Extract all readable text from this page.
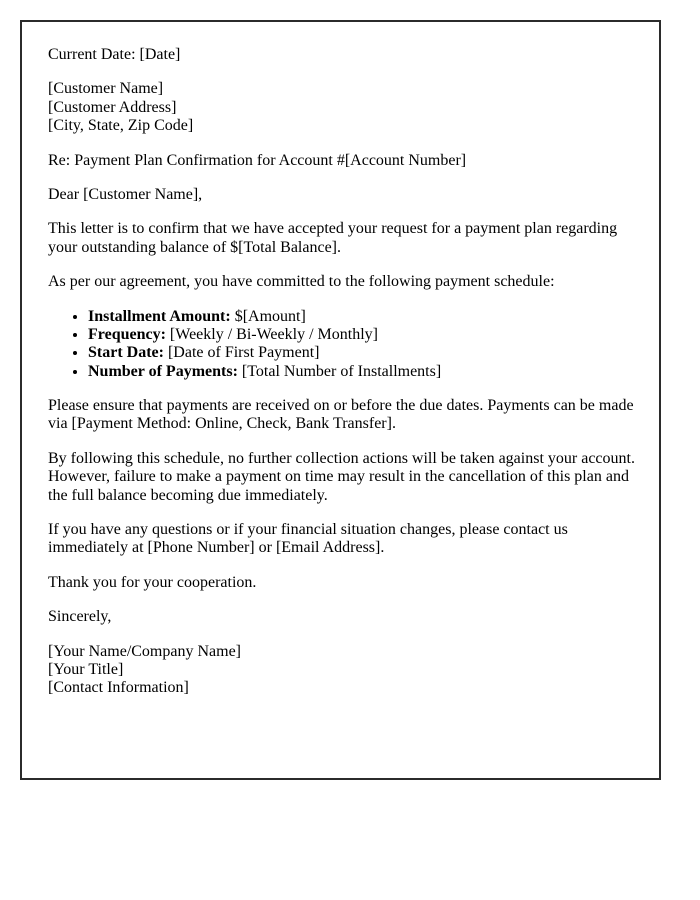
Current Date: [Date]

[Customer Name]
[Customer Address]
[City, State, Zip Code]

Re: Payment Plan Confirmation for Account #[Account Number]

Dear [Customer Name],

This letter is to confirm that we have accepted your request for a payment plan regarding your outstanding balance of $[Total Balance].

As per our agreement, you have committed to the following payment schedule:

• Installment Amount: $[Amount]
• Frequency: [Weekly / Bi-Weekly / Monthly]
• Start Date: [Date of First Payment]
• Number of Payments: [Total Number of Installments]

Please ensure that payments are received on or before the due dates. Payments can be made via [Payment Method: Online, Check, Bank Transfer].

By following this schedule, no further collection actions will be taken against your account. However, failure to make a payment on time may result in the cancellation of this plan and the full balance becoming due immediately.

If you have any questions or if your financial situation changes, please contact us immediately at [Phone Number] or [Email Address].

Thank you for your cooperation.

Sincerely,

[Your Name/Company Name]
[Your Title]
[Contact Information]
